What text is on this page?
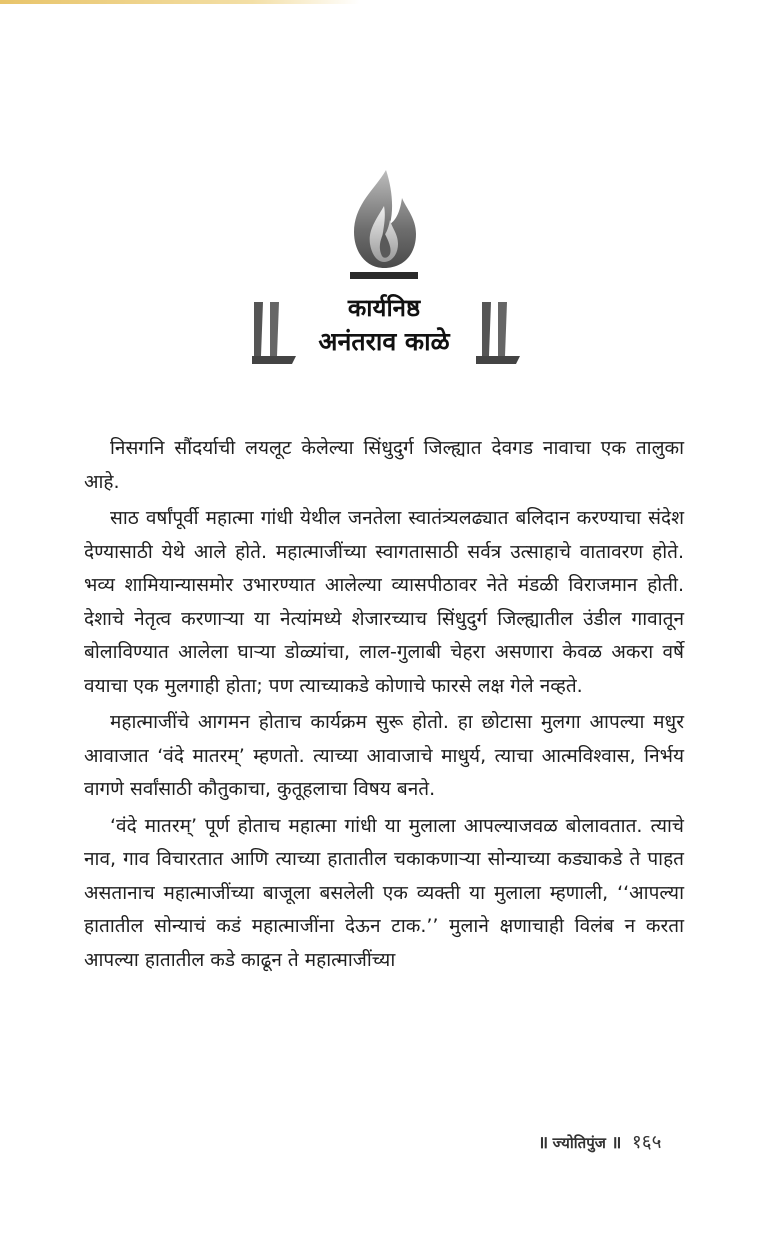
कार्यनिष्ठ
अनंतराव काळे

निसगनि सौंदर्याची लयलूट केलेल्या सिंधुदुर्ग जिल्ह्यात देवगड नावाचा एक तालुका आहे.

साठ वर्षांपूर्वी महात्मा गांधी येथील जनतेला स्वातंत्र्यलढ्यात बलिदान करण्याचा संदेश देण्यासाठी येथे आले होते. महात्माजींच्या स्वागतासाठी सर्वत्र उत्साहाचे वातावरण होते. भव्य शामियान्यासमोर उभारण्यात आलेल्या व्यासपीठावर नेते मंडळी विराजमान होती. देशाचे नेतृत्व करणाऱ्या या नेत्यांमध्ये शेजारच्याच सिंधुदुर्ग जिल्ह्यातील उंडील गावातून बोलाविण्यात आलेला घाऱ्या डोळ्यांचा, लाल-गुलाबी चेहरा असणारा केवळ अकरा वर्षे वयाचा एक मुलगाही होता; पण त्याच्याकडे कोणाचे फारसे लक्ष गेले नव्हते.

महात्माजींचे आगमन होताच कार्यक्रम सुरू होतो. हा छोटासा मुलगा आपल्या मधुर आवाजात ‘वंदे मातरम्’ म्हणतो. त्याच्या आवाजाचे माधुर्य, त्याचा आत्मविश्वास, निर्भय वागणे सर्वांसाठी कौतुकाचा, कुतूहलाचा विषय बनते.

‘वंदे मातरम्’ पूर्ण होताच महात्मा गांधी या मुलाला आपल्याजवळ बोलावतात. त्याचे नाव, गाव विचारतात आणि त्याच्या हातातील चकाकणाऱ्या सोन्याच्या कड्याकडे ते पाहत असतानाच महात्माजींच्या बाजूला बसलेली एक व्यक्ती या मुलाला म्हणाली, ‘‘आपल्या हातातील सोन्याचं कडं महात्माजींना देऊन टाक.’’ मुलाने क्षणाचाही विलंब न करता आपल्या हातातील कडे काढून ते महात्माजींच्या

॥ ज्योतिपुंज ॥ १६५
